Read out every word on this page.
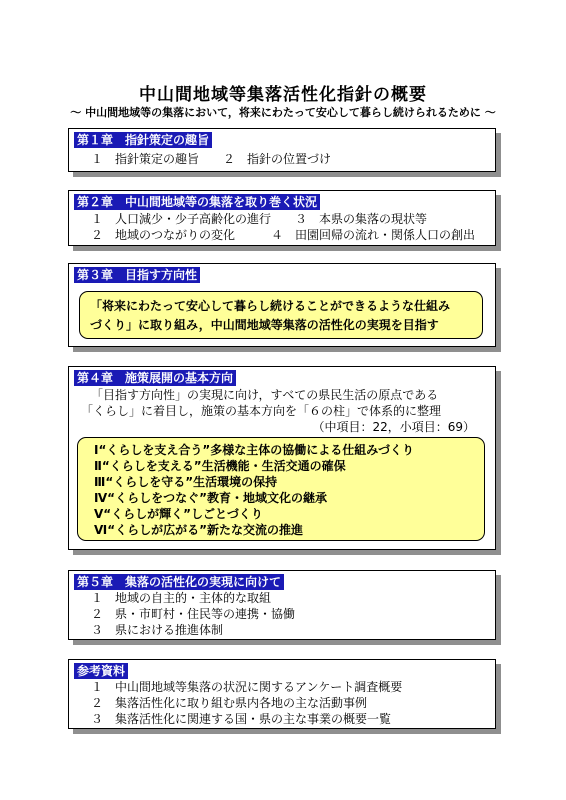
中山間地域等集落活性化指針の概要
～ 中山間地域等の集落において，将来にわたって安心して暮らし続けられるために ～
第１章　指針策定の趣旨
１　指針策定の趣旨　　２　指針の位置づけ
第２章　中山間地域等の集落を取り巻く状況
１　人口減少・少子高齢化の進行　　３　本県の集落の現状等
２　地域のつながりの変化　　　４　田園回帰の流れ・関係人口の創出
第３章　目指す方向性
「将来にわたって安心して暮らし続けることができるような仕組み
づくり」に取り組み，中山間地域等集落の活性化の実現を目指す
第４章　施策展開の基本方向
「目指す方向性」の実現に向け，すべての県民生活の原点である
「くらし」に着目し，施策の基本方向を「６の柱」で体系的に整理
（中項目：22，小項目：69）
Ⅰ“くらしを支え合う”多様な主体の協働による仕組みづくり
Ⅱ“くらしを支える”生活機能・生活交通の確保
Ⅲ“くらしを守る”生活環境の保持
Ⅳ“くらしをつなぐ”教育・地域文化の継承
Ⅴ“くらしが輝く”しごとづくり
Ⅵ“くらしが広がる”新たな交流の推進
第５章　集落の活性化の実現に向けて
１　地域の自主的・主体的な取組
２　県・市町村・住民等の連携・協働
３　県における推進体制
参考資料
１　中山間地域等集落の状況に関するアンケート調査概要
２　集落活性化に取り組む県内各地の主な活動事例
３　集落活性化に関連する国・県の主な事業の概要一覧
